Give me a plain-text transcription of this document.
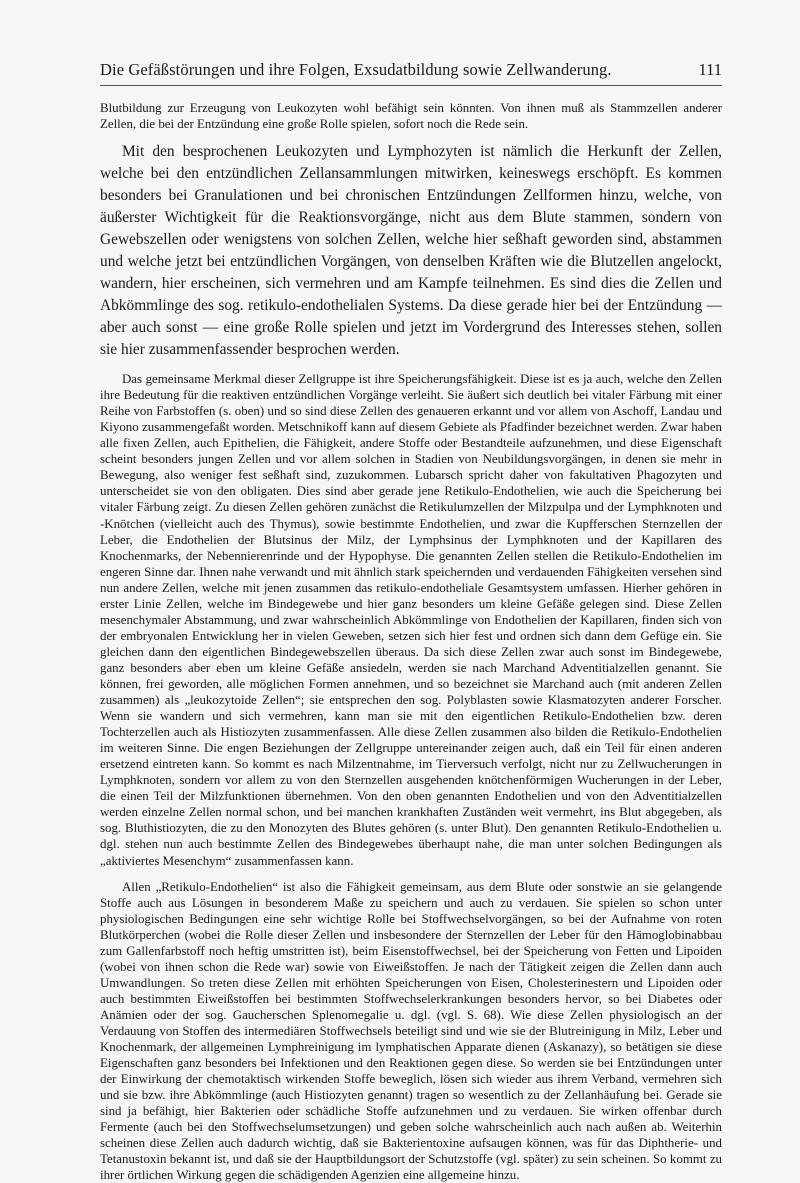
Die Gefäßstörungen und ihre Folgen, Exsudatbildung sowie Zellwanderung.	111

Blutbildung zur Erzeugung von Leukozyten wohl befähigt sein könnten. Von ihnen muß als Stammzellen anderer Zellen, die bei der Entzündung eine große Rolle spielen, sofort noch die Rede sein.

Mit den besprochenen Leukozyten und Lymphozyten ist nämlich die Herkunft der Zellen, welche bei den entzündlichen Zellansammlungen mitwirken, keineswegs erschöpft. Es kommen besonders bei Granulationen und bei chronischen Entzündungen Zellformen hinzu, welche, von äußerster Wichtigkeit für die Reaktionsvorgänge, nicht aus dem Blute stammen, sondern von Gewebszellen oder wenigstens von solchen Zellen, welche hier seßhaft geworden sind, abstammen und welche jetzt bei entzündlichen Vorgängen, von denselben Kräften wie die Blutzellen angelockt, wandern, hier erscheinen, sich vermehren und am Kampfe teilnehmen. Es sind dies die Zellen und Abkömmlinge des sog. retikulo-endothelialen Systems. Da diese gerade hier bei der Entzündung — aber auch sonst — eine große Rolle spielen und jetzt im Vordergrund des Interesses stehen, sollen sie hier zusammenfassender besprochen werden.

Das gemeinsame Merkmal dieser Zellgruppe ist ihre Speicherungsfähigkeit. Diese ist es ja auch, welche den Zellen ihre Bedeutung für die reaktiven entzündlichen Vorgänge verleiht. Sie äußert sich deutlich bei vitaler Färbung mit einer Reihe von Farbstoffen (s. oben) und so sind diese Zellen des genaueren erkannt und vor allem von Aschoff, Landau und Kiyono zusammengefaßt worden. Metschnikoff kann auf diesem Gebiete als Pfadfinder bezeichnet werden. Zwar haben alle fixen Zellen, auch Epithelien, die Fähigkeit, andere Stoffe oder Bestandteile aufzunehmen, und diese Eigenschaft scheint besonders jungen Zellen und vor allem solchen in Stadien von Neubildungsvorgängen, in denen sie mehr in Bewegung, also weniger fest seßhaft sind, zuzukommen. Lubarsch spricht daher von fakultativen Phagozyten und unterscheidet sie von den obligaten. Dies sind aber gerade jene Retikulo-Endothelien, wie auch die Speicherung bei vitaler Färbung zeigt. Zu diesen Zellen gehören zunächst die Retikulumzellen der Milzpulpa und der Lymphknoten und -Knötchen (vielleicht auch des Thymus), sowie bestimmte Endothelien, und zwar die Kupfferschen Sternzellen der Leber, die Endothelien der Blutsinus der Milz, der Lymphsinus der Lymphknoten und der Kapillaren des Knochenmarks, der Nebennierenrinde und der Hypophyse. Die genannten Zellen stellen die Retikulo-Endothelien im engeren Sinne dar. Ihnen nahe verwandt und mit ähnlich stark speichernden und verdauenden Fähigkeiten versehen sind nun andere Zellen, welche mit jenen zusammen das retikulo-endotheliale Gesamtsystem umfassen. Hierher gehören in erster Linie Zellen, welche im Bindegewebe und hier ganz besonders um kleine Gefäße gelegen sind. Diese Zellen mesenchymaler Abstammung, und zwar wahrscheinlich Abkömmlinge von Endothelien der Kapillaren, finden sich von der embryonalen Entwicklung her in vielen Geweben, setzen sich hier fest und ordnen sich dann dem Gefüge ein. Sie gleichen dann den eigentlichen Bindegewebszellen überaus. Da sich diese Zellen zwar auch sonst im Bindegewebe, ganz besonders aber eben um kleine Gefäße ansiedeln, werden sie nach Marchand Adventitialzellen genannt. Sie können, frei geworden, alle möglichen Formen annehmen, und so bezeichnet sie Marchand auch (mit anderen Zellen zusammen) als „leukozytoide Zellen“; sie entsprechen den sog. Polyblasten sowie Klasmatozyten anderer Forscher. Wenn sie wandern und sich vermehren, kann man sie mit den eigentlichen Retikulo-Endothelien bzw. deren Tochterzellen auch als Histiozyten zusammenfassen. Alle diese Zellen zusammen also bilden die Retikulo-Endothelien im weiteren Sinne. Die engen Beziehungen der Zellgruppe untereinander zeigen auch, daß ein Teil für einen anderen ersetzend eintreten kann. So kommt es nach Milzentnahme, im Tierversuch verfolgt, nicht nur zu Zellwucherungen in Lymphknoten, sondern vor allem zu von den Sternzellen ausgehenden knötchenförmigen Wucherungen in der Leber, die einen Teil der Milzfunktionen übernehmen. Von den oben genannten Endothelien und von den Adventitialzellen werden einzelne Zellen normal schon, und bei manchen krankhaften Zuständen weit vermehrt, ins Blut abgegeben, als sog. Bluthistiozyten, die zu den Monozyten des Blutes gehören (s. unter Blut). Den genannten Retikulo-Endothelien u. dgl. stehen nun auch bestimmte Zellen des Bindegewebes überhaupt nahe, die man unter solchen Bedingungen als „aktiviertes Mesenchym“ zusammenfassen kann.

Allen „Retikulo-Endothelien“ ist also die Fähigkeit gemeinsam, aus dem Blute oder sonstwie an sie gelangende Stoffe auch aus Lösungen in besonderem Maße zu speichern und auch zu verdauen. Sie spielen so schon unter physiologischen Bedingungen eine sehr wichtige Rolle bei Stoffwechselvorgängen, so bei der Aufnahme von roten Blutkörperchen (wobei die Rolle dieser Zellen und insbesondere der Sternzellen der Leber für den Hämoglobinabbau zum Gallenfarbstoff noch heftig umstritten ist), beim Eisenstoffwechsel, bei der Speicherung von Fetten und Lipoiden (wobei von ihnen schon die Rede war) sowie von Eiweißstoffen. Je nach der Tätigkeit zeigen die Zellen dann auch Umwandlungen. So treten diese Zellen mit erhöhten Speicherungen von Eisen, Cholesterinestern und Lipoiden oder auch bestimmten Eiweißstoffen bei bestimmten Stoffwechselerkrankungen besonders hervor, so bei Diabetes oder Anämien oder der sog. Gaucherschen Splenomegalie u. dgl. (vgl. S. 68). Wie diese Zellen physiologisch an der Verdauung von Stoffen des intermediären Stoffwechsels beteiligt sind und wie sie der Blutreinigung in Milz, Leber und Knochenmark, der allgemeinen Lymphreinigung im lymphatischen Apparate dienen (Askanazy), so betätigen sie diese Eigenschaften ganz besonders bei Infektionen und den Reaktionen gegen diese. So werden sie bei Entzündungen unter der Einwirkung der chemotaktisch wirkenden Stoffe beweglich, lösen sich wieder aus ihrem Verband, vermehren sich und sie bzw. ihre Abkömmlinge (auch Histiozyten genannt) tragen so wesentlich zu der Zellanhäufung bei. Gerade sie sind ja befähigt, hier Bakterien oder schädliche Stoffe aufzunehmen und zu verdauen. Sie wirken offenbar durch Fermente (auch bei den Stoffwechselumsetzungen) und geben solche wahrscheinlich auch nach außen ab. Weiterhin scheinen diese Zellen auch dadurch wichtig, daß sie Bakterientoxine aufsaugen können, was für das Diphtherie- und Tetanustoxin bekannt ist, und daß sie der Hauptbildungsort der Schutzstoffe (vgl. später) zu sein scheinen. So kommt zu ihrer örtlichen Wirkung gegen die schädigenden Agenzien eine allgemeine hinzu.
